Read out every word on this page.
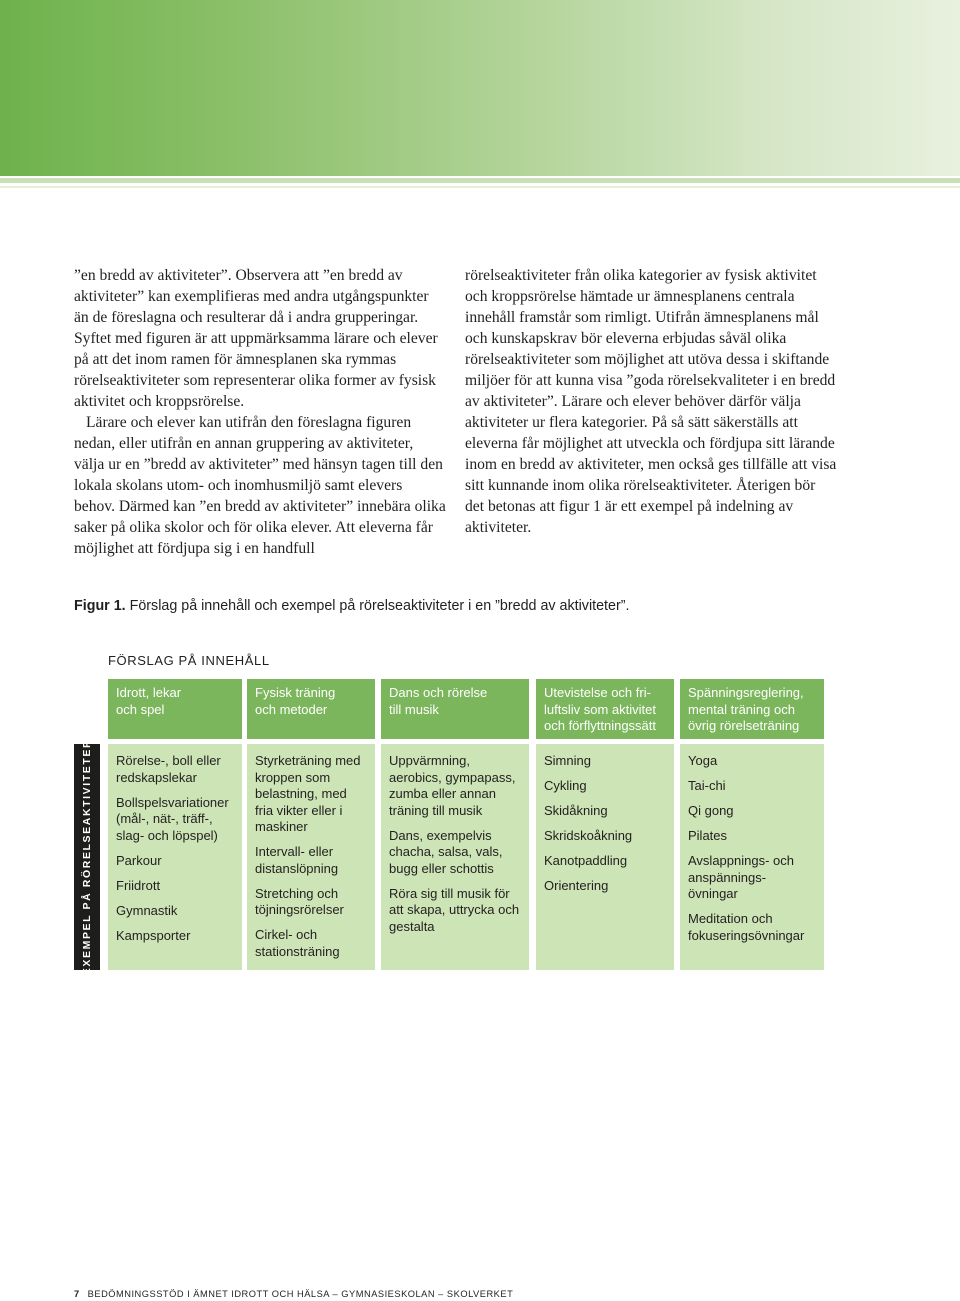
”en bredd av aktiviteter”. Observera att ”en bredd av aktiviteter” kan exemplifieras med andra utgångspunkter än de föreslagna och resulterar då i andra grupperingar. Syftet med figuren är att uppmärksamma lärare och elever på att det inom ramen för ämnesplanen ska rymmas rörelseaktiviteter som representerar olika former av fysisk aktivitet och kroppsrörelse.

Lärare och elever kan utifrån den föreslagna figuren nedan, eller utifrån en annan gruppering av aktiviteter, välja ur en ”bredd av aktiviteter” med hänsyn tagen till den lokala skolans utom- och inomhusmiljö samt elevers behov. Därmed kan ”en bredd av aktiviteter” innebära olika saker på olika skolor och för olika elever. Att eleverna får möjlighet att fördjupa sig i en handfull

rörelseaktiviteter från olika kategorier av fysisk aktivitet och kroppsrörelse hämtade ur ämnesplanens centrala innehåll framstår som rimligt. Utifrån ämnesplanens mål och kunskapskrav bör eleverna erbjudas såväl olika rörelseaktiviteter som möjlighet att utöva dessa i skiftande miljöer för att kunna visa ”goda rörelsekvaliteter i en bredd av aktiviteter”. Lärare och elever behöver därför välja aktiviteter ur flera kategorier. På så sätt säkerställs att eleverna får möjlighet att utveckla och fördjupa sitt lärande inom en bredd av aktiviteter, men också ges tillfälle att visa sitt kunnande inom olika rörelseaktiviteter. Återigen bör det betonas att figur 1 är ett exempel på indelning av aktiviteter.

Figur 1. Förslag på innehåll och exempel på rörelseaktiviteter i en ”bredd av aktiviteter”.
FÖRSLAG PÅ INNEHÅLL
EXEMPEL PÅ RÖRELSEAKTIVITETER
Idrott, lekar
och spel
Rörelse-, boll eller redskapslekar
Bollspelsvariationer (mål-, nät-, träff-, slag- och löpspel)
Parkour
Friidrott
Gymnastik
Kampsporter
Fysisk träning
och metoder
Styrketräning med kroppen som belastning, med fria vikter eller i maskiner
Intervall- eller distanslöpning
Stretching och töjningsrörelser
Cirkel- och stationsträning
Dans och rörelse
till musik
Uppvärmning, aerobics, gympapass, zumba eller annan träning till musik
Dans, exempelvis chacha, salsa, vals, bugg eller schottis
Röra sig till musik för att skapa, uttrycka och gestalta
Utevistelse och fri-
luftsliv som aktivitet
och förflyttningssätt
Simning
Cykling
Skidåkning
Skridskoåkning
Kanotpaddling
Orientering
Spänningsreglering,
mental träning och
övrig rörelseträning
Yoga
Tai-chi
Qi gong
Pilates
Avslappnings- och anspännings- övningar
Meditation och fokuseringsövningar
7 BEDÖMNINGSSTÖD I ÄMNET IDROTT OCH HÄLSA – GYMNASIESKOLAN – SKOLVERKET
